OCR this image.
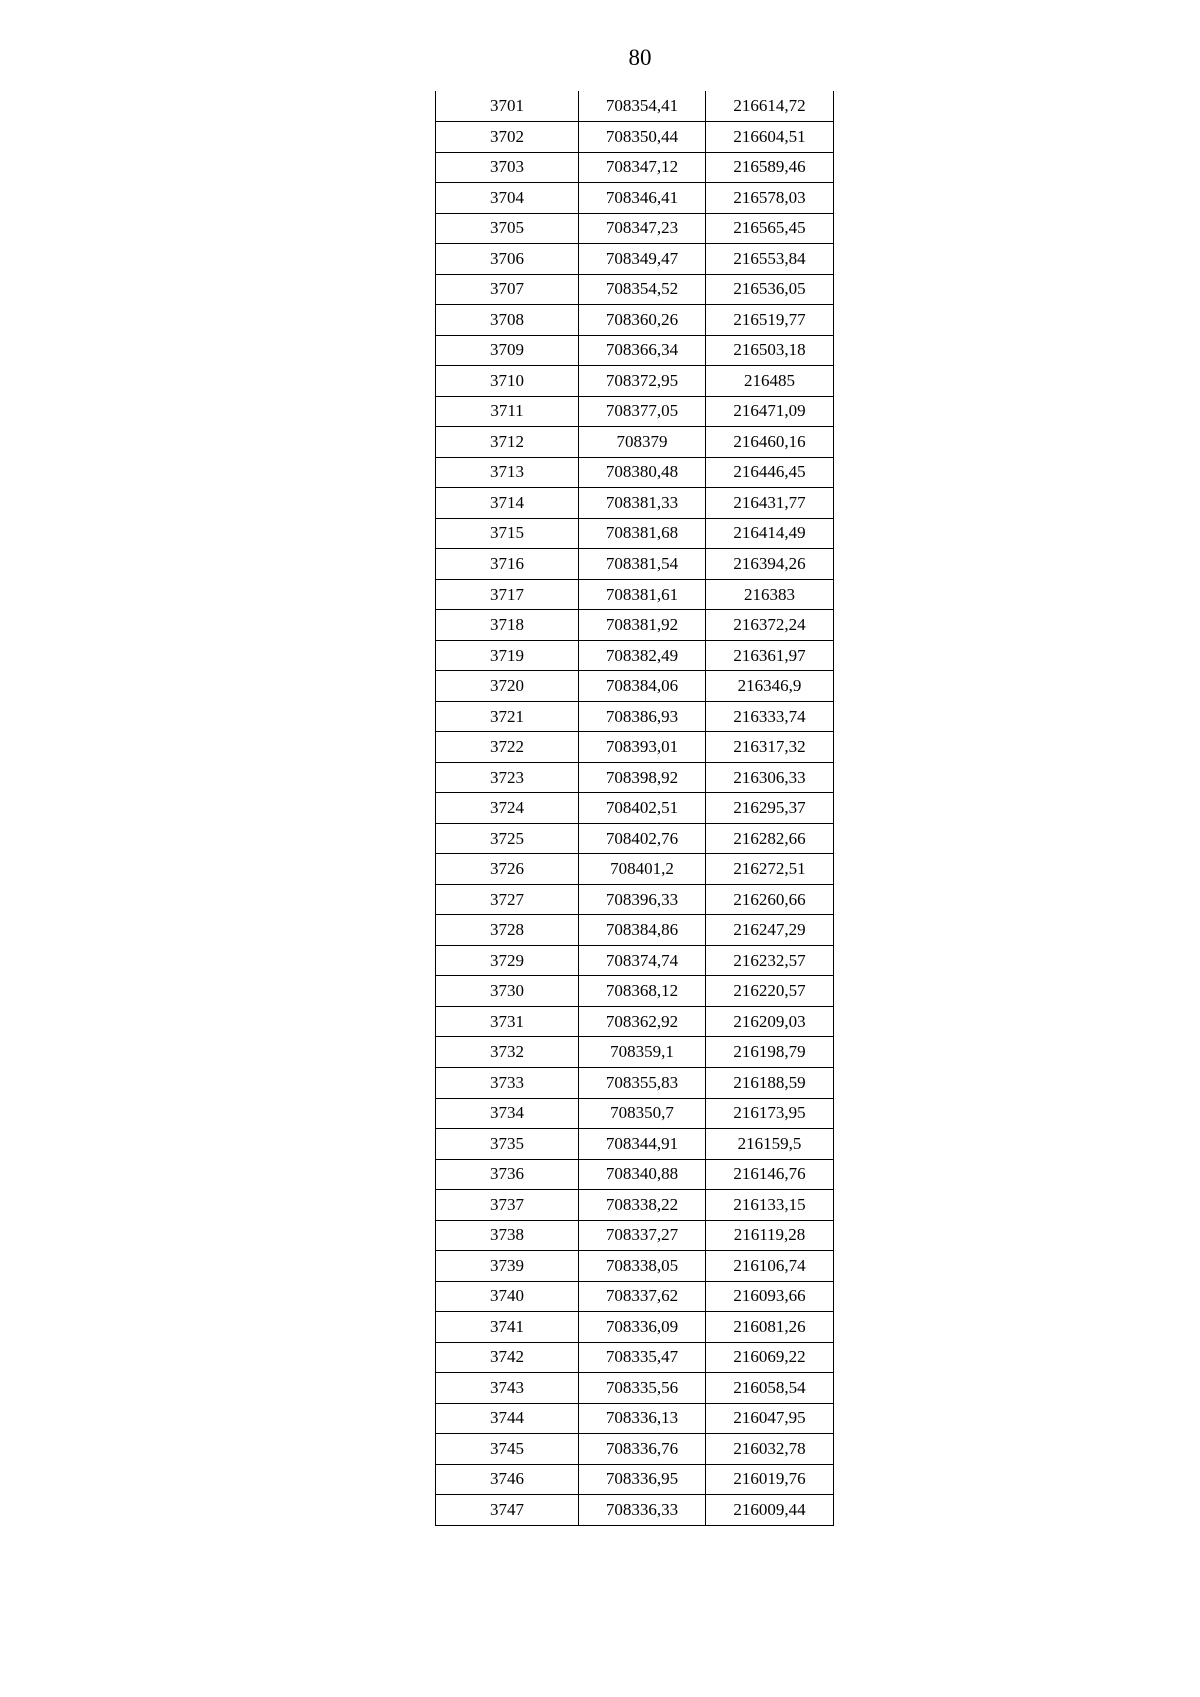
80
3701	708354,41	216614,72
3702	708350,44	216604,51
3703	708347,12	216589,46
3704	708346,41	216578,03
3705	708347,23	216565,45
3706	708349,47	216553,84
3707	708354,52	216536,05
3708	708360,26	216519,77
3709	708366,34	216503,18
3710	708372,95	216485
3711	708377,05	216471,09
3712	708379	216460,16
3713	708380,48	216446,45
3714	708381,33	216431,77
3715	708381,68	216414,49
3716	708381,54	216394,26
3717	708381,61	216383
3718	708381,92	216372,24
3719	708382,49	216361,97
3720	708384,06	216346,9
3721	708386,93	216333,74
3722	708393,01	216317,32
3723	708398,92	216306,33
3724	708402,51	216295,37
3725	708402,76	216282,66
3726	708401,2	216272,51
3727	708396,33	216260,66
3728	708384,86	216247,29
3729	708374,74	216232,57
3730	708368,12	216220,57
3731	708362,92	216209,03
3732	708359,1	216198,79
3733	708355,83	216188,59
3734	708350,7	216173,95
3735	708344,91	216159,5
3736	708340,88	216146,76
3737	708338,22	216133,15
3738	708337,27	216119,28
3739	708338,05	216106,74
3740	708337,62	216093,66
3741	708336,09	216081,26
3742	708335,47	216069,22
3743	708335,56	216058,54
3744	708336,13	216047,95
3745	708336,76	216032,78
3746	708336,95	216019,76
3747	708336,33	216009,44
